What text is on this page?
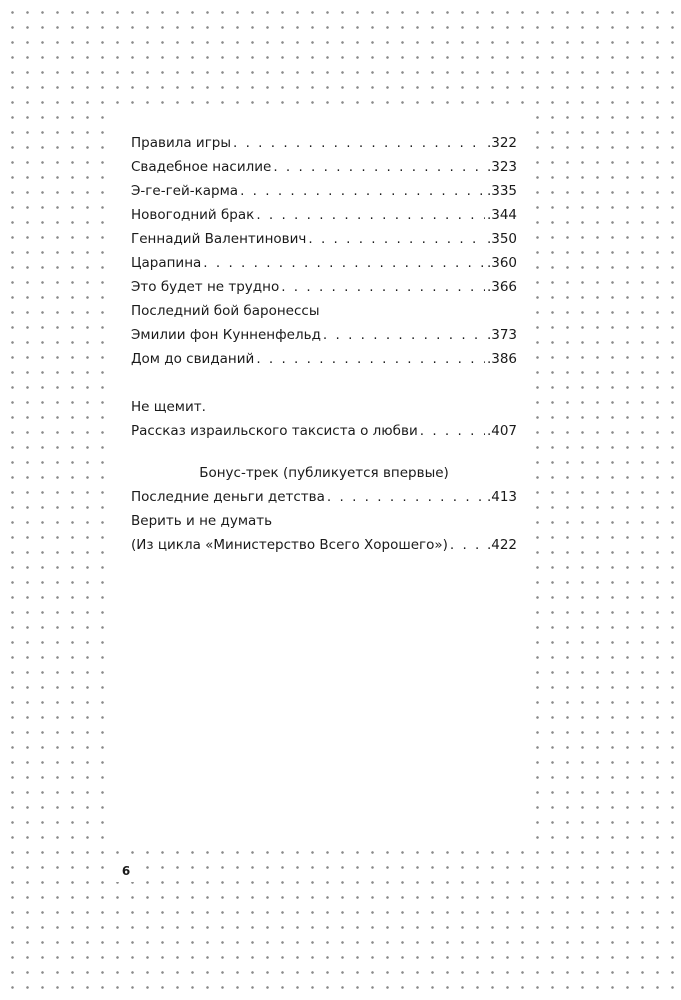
Правила игры . . .	.322
Свадебное насилие . . .	.323
Э-ге-гей-карма . . .	.335
Новогодний брак . . .	.344
Геннадий Валентинович . . .	.350
Царапина . . .	.360
Это будет не трудно . . .	.366
Последний бой баронессы
Эмилии фон Кунненфельд . . .	.373
Дом до свиданий . . .	.386
Не щемит.
Рассказ израильского таксиста о любви . . .	.407
Бонус-трек (публикуется впервые)
Последние деньги детства . . .	.413
Верить и не думать
(Из цикла «Министерство Всего Хорошего») . . .	.422
6
